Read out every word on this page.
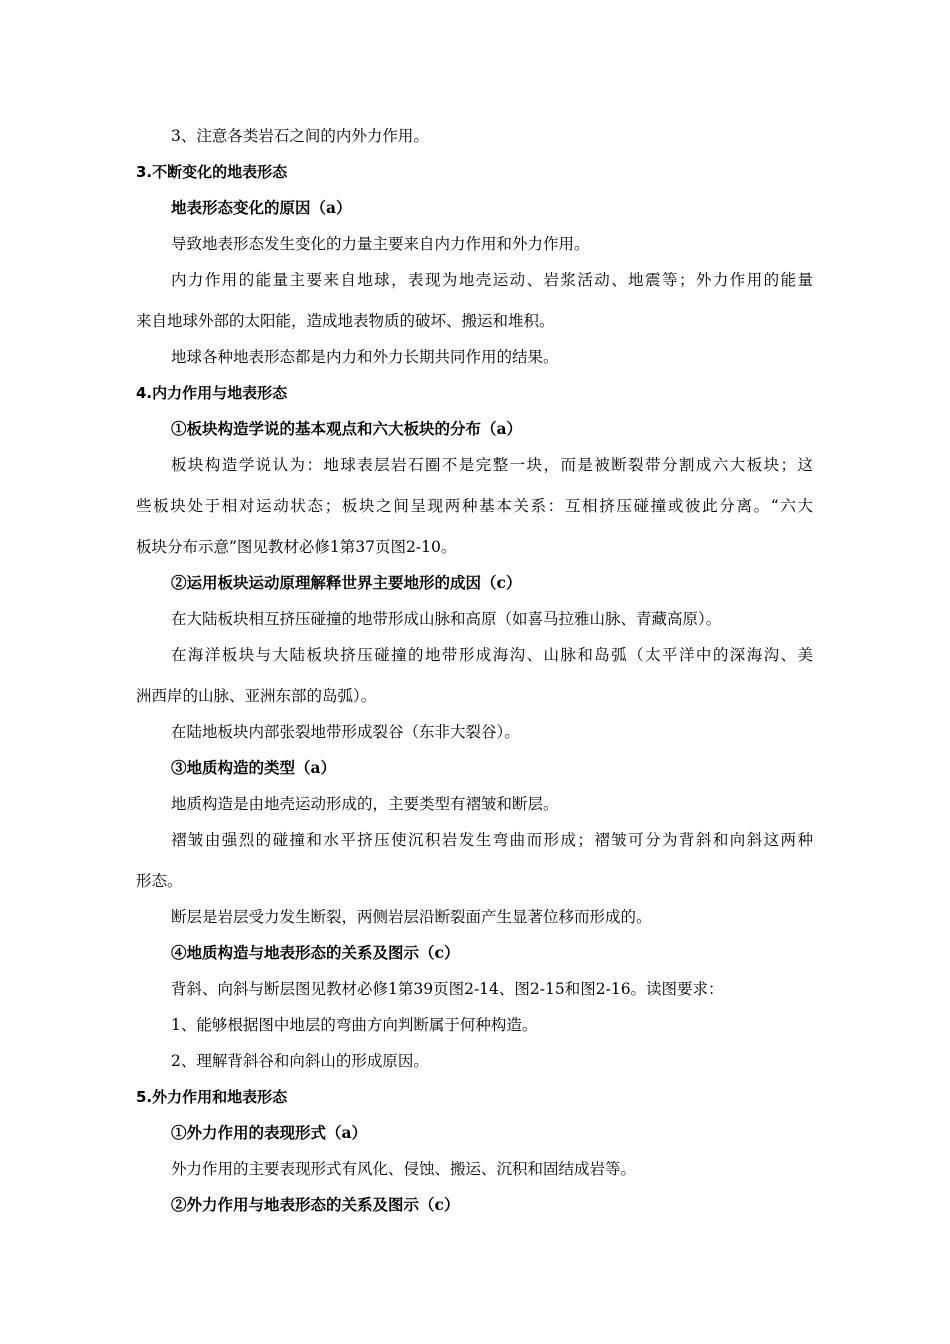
3、注意各类岩石之间的内外力作用。
3.不断变化的地表形态
地表形态变化的原因（a）
导致地表形态发生变化的力量主要来自内力作用和外力作用。
内力作用的能量主要来自地球，表现为地壳运动、岩浆活动、地震等；外力作用的能量
来自地球外部的太阳能，造成地表物质的破坏、搬运和堆积。
地球各种地表形态都是内力和外力长期共同作用的结果。
4.内力作用与地表形态
①板块构造学说的基本观点和六大板块的分布（a）
板块构造学说认为：地球表层岩石圈不是完整一块，而是被断裂带分割成六大板块；这
些板块处于相对运动状态；板块之间呈现两种基本关系：互相挤压碰撞或彼此分离。“六大
板块分布示意”图见教材必修1第37页图2-10。
②运用板块运动原理解释世界主要地形的成因（c）
在大陆板块相互挤压碰撞的地带形成山脉和高原（如喜马拉雅山脉、青藏高原）。
在海洋板块与大陆板块挤压碰撞的地带形成海沟、山脉和岛弧（太平洋中的深海沟、美
洲西岸的山脉、亚洲东部的岛弧）。
在陆地板块内部张裂地带形成裂谷（东非大裂谷）。
③地质构造的类型（a）
地质构造是由地壳运动形成的，主要类型有褶皱和断层。
褶皱由强烈的碰撞和水平挤压使沉积岩发生弯曲而形成；褶皱可分为背斜和向斜这两种
形态。
断层是岩层受力发生断裂，两侧岩层沿断裂面产生显著位移而形成的。
④地质构造与地表形态的关系及图示（c）
背斜、向斜与断层图见教材必修1第39页图2-14、图2-15和图2-16。读图要求：
1、能够根据图中地层的弯曲方向判断属于何种构造。
2、理解背斜谷和向斜山的形成原因。
5.外力作用和地表形态
①外力作用的表现形式（a）
外力作用的主要表现形式有风化、侵蚀、搬运、沉积和固结成岩等。
②外力作用与地表形态的关系及图示（c）
